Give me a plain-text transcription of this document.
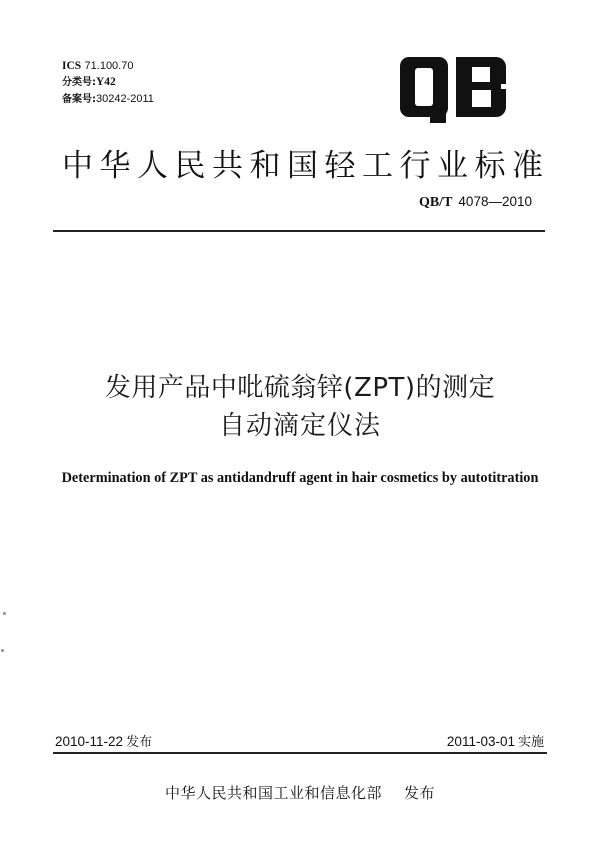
ICS 71.100.70
分类号:Y42
备案号:30242-2011
中华人民共和国轻工行业标准
QB/T 4078—2010
发用产品中吡硫翁锌(ZPT)的测定
自动滴定仪法
Determination of ZPT as antidandruff agent in hair cosmetics by autotitration
2010-11-22 发布	2011-03-01 实施
中华人民共和国工业和信息化部 发布
